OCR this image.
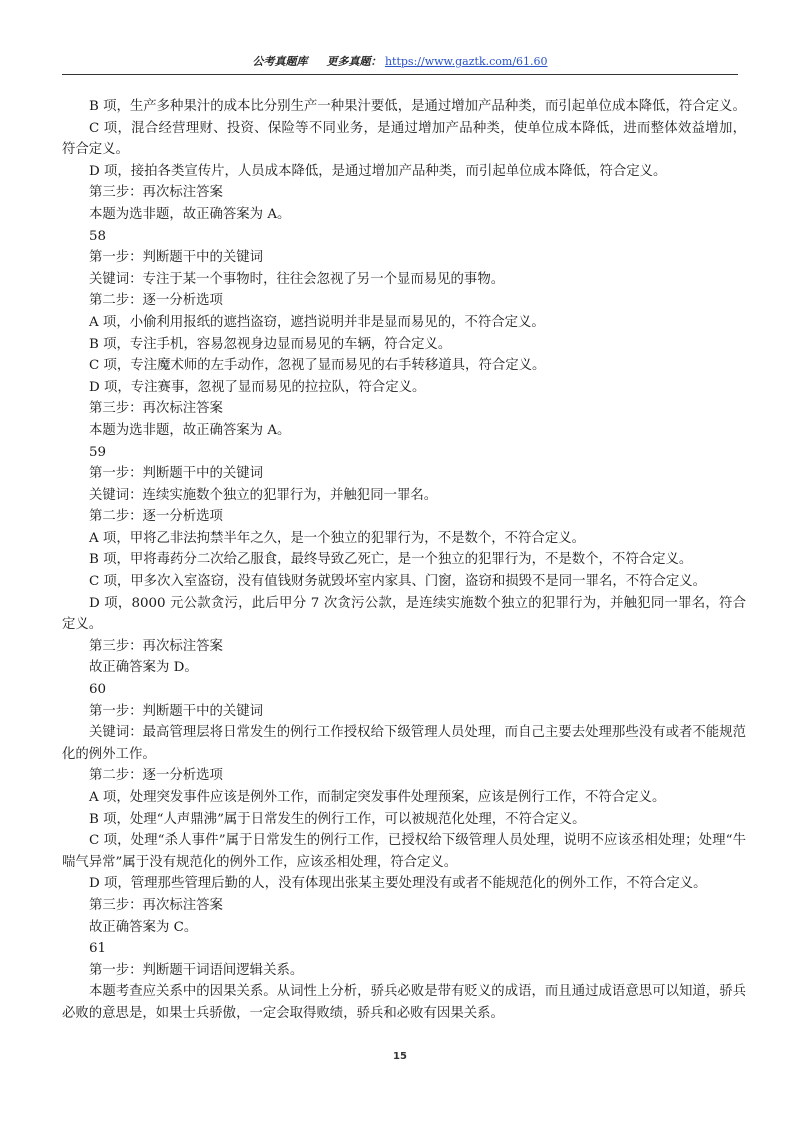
公考真题库 更多真题： https://www.gaztk.com/61.60

B 项，生产多种果汁的成本比分别生产一种果汁要低，是通过增加产品种类，而引起单位成本降低，符合定义。

C 项，混合经营理财、投资、保险等不同业务，是通过增加产品种类，使单位成本降低，进而整体效益增加，符合定义。

D 项，接拍各类宣传片，人员成本降低，是通过增加产品种类，而引起单位成本降低，符合定义。

第三步：再次标注答案

本题为选非题，故正确答案为 A。

58

第一步：判断题干中的关键词

关键词：专注于某一个事物时，往往会忽视了另一个显而易见的事物。

第二步：逐一分析选项

A 项，小偷利用报纸的遮挡盗窃，遮挡说明并非是显而易见的，不符合定义。

B 项，专注手机，容易忽视身边显而易见的车辆，符合定义。

C 项，专注魔术师的左手动作，忽视了显而易见的右手转移道具，符合定义。

D 项，专注赛事，忽视了显而易见的拉拉队，符合定义。

第三步：再次标注答案

本题为选非题，故正确答案为 A。

59

第一步：判断题干中的关键词

关键词：连续实施数个独立的犯罪行为，并触犯同一罪名。

第二步：逐一分析选项

A 项，甲将乙非法拘禁半年之久，是一个独立的犯罪行为，不是数个，不符合定义。

B 项，甲将毒药分二次给乙服食，最终导致乙死亡，是一个独立的犯罪行为，不是数个，不符合定义。

C 项，甲多次入室盗窃，没有值钱财务就毁坏室内家具、门窗，盗窃和损毁不是同一罪名，不符合定义。

D 项，8000 元公款贪污，此后甲分 7 次贪污公款，是连续实施数个独立的犯罪行为，并触犯同一罪名，符合定义。

第三步：再次标注答案

故正确答案为 D。

60

第一步：判断题干中的关键词

关键词：最高管理层将日常发生的例行工作授权给下级管理人员处理，而自己主要去处理那些没有或者不能规范化的例外工作。

第二步：逐一分析选项

A 项，处理突发事件应该是例外工作，而制定突发事件处理预案，应该是例行工作，不符合定义。

B 项，处理“人声鼎沸”属于日常发生的例行工作，可以被规范化处理，不符合定义。

C 项，处理“杀人事件”属于日常发生的例行工作，已授权给下级管理人员处理，说明不应该丞相处理；处理“牛喘气异常”属于没有规范化的例外工作，应该丞相处理，符合定义。

D 项，管理那些管理后勤的人，没有体现出张某主要处理没有或者不能规范化的例外工作，不符合定义。

第三步：再次标注答案

故正确答案为 C。

61

第一步：判断题干词语间逻辑关系。

本题考查应关系中的因果关系。从词性上分析，骄兵必败是带有贬义的成语，而且通过成语意思可以知道，骄兵必败的意思是，如果士兵骄傲，一定会取得败绩，骄兵和必败有因果关系。

15
